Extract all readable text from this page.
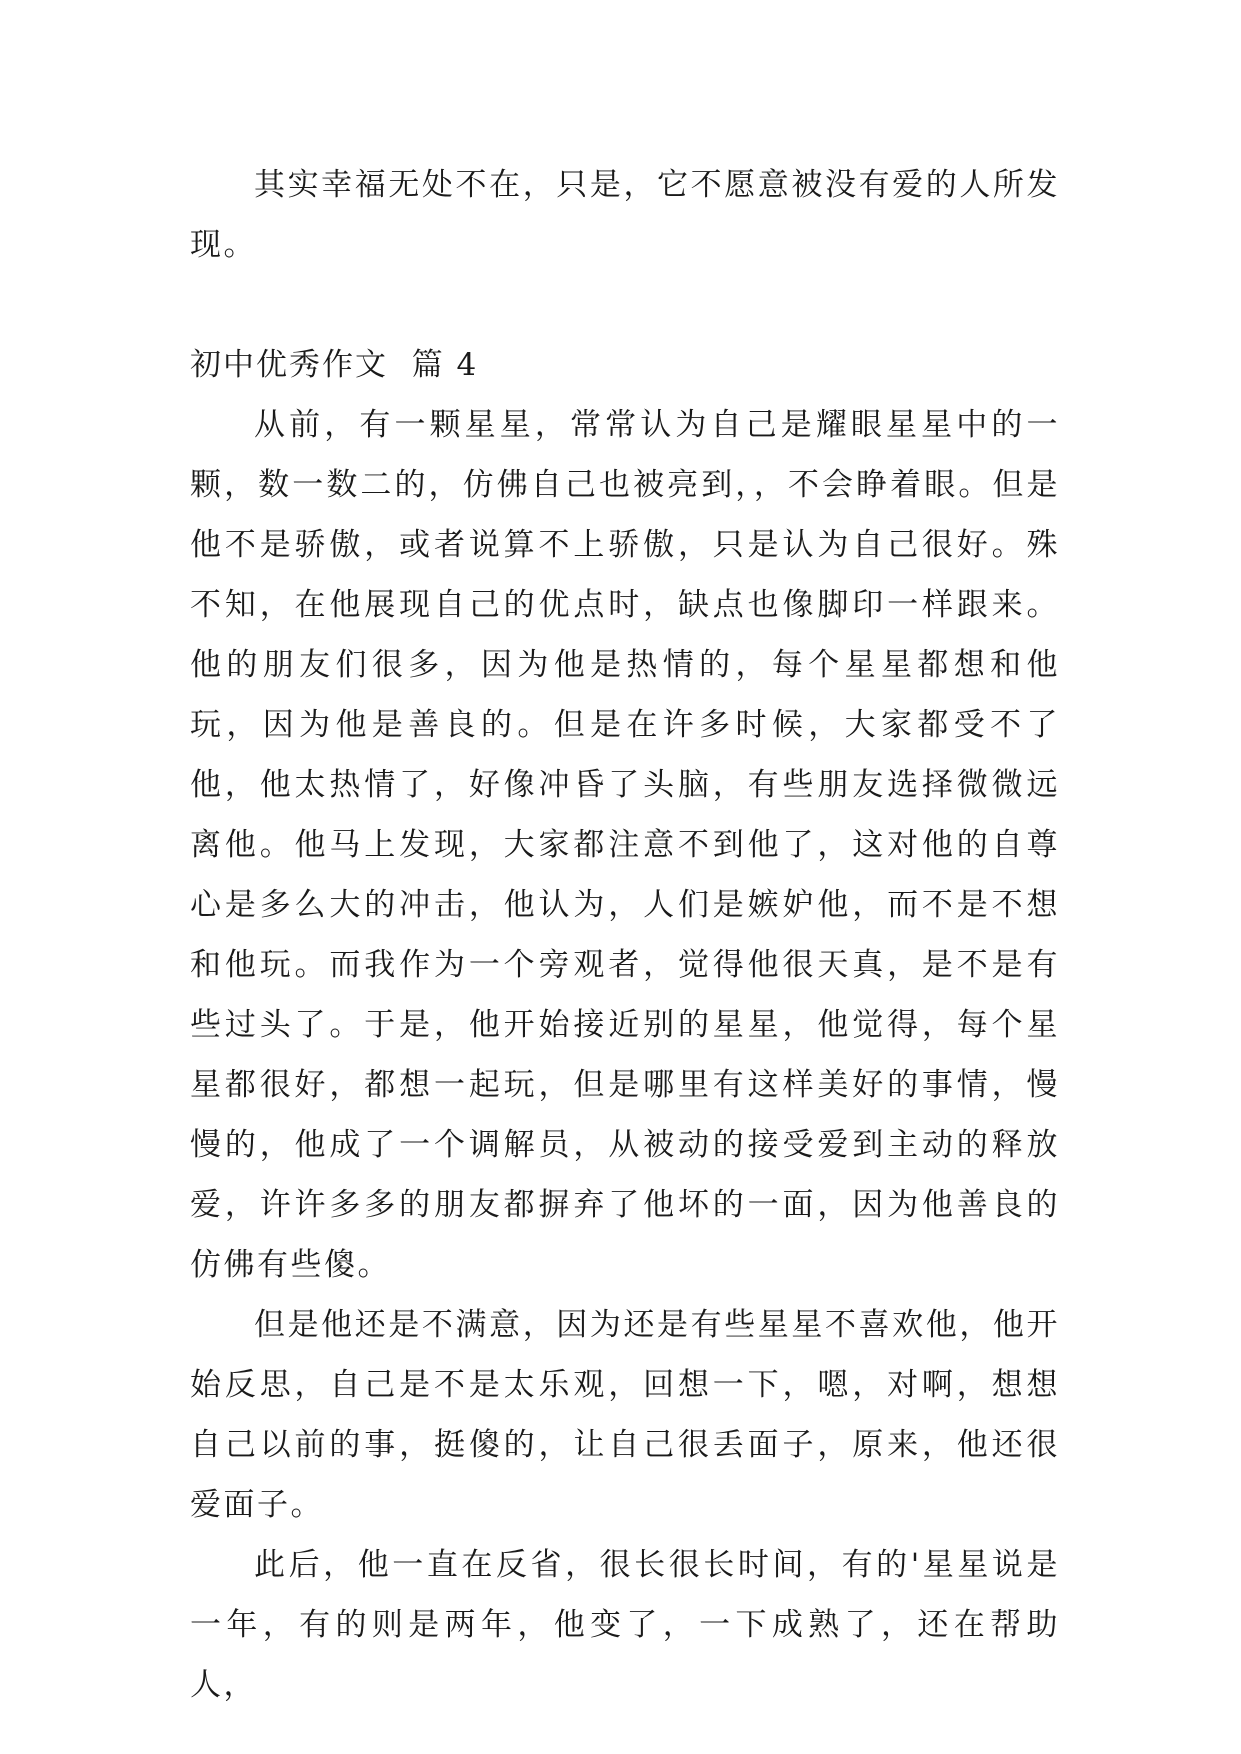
其实幸福无处不在，只是，它不愿意被没有爱的人所发现。

初中优秀作文  篇 4

从前，有一颗星星，常常认为自己是耀眼星星中的一颗，数一数二的，仿佛自己也被亮到，，不会睁着眼。但是他不是骄傲，或者说算不上骄傲，只是认为自己很好。殊不知，在他展现自己的优点时，缺点也像脚印一样跟来。他的朋友们很多，因为他是热情的，每个星星都想和他玩，因为他是善良的。但是在许多时候，大家都受不了他，他太热情了，好像冲昏了头脑，有些朋友选择微微远离他。他马上发现，大家都注意不到他了，这对他的自尊心是多么大的冲击，他认为，人们是嫉妒他，而不是不想和他玩。而我作为一个旁观者，觉得他很天真，是不是有些过头了。于是，他开始接近别的星星，他觉得，每个星星都很好，都想一起玩，但是哪里有这样美好的事情，慢慢的，他成了一个调解员，从被动的接受爱到主动的释放爱，许许多多的朋友都摒弃了他坏的一面，因为他善良的仿佛有些傻。

但是他还是不满意，因为还是有些星星不喜欢他，他开始反思，自己是不是太乐观，回想一下，嗯，对啊，想想自己以前的事，挺傻的，让自己很丢面子，原来，他还很爱面子。

此后，他一直在反省，很长很长时间，有的'星星说是一年，有的则是两年，他变了，一下成熟了，还在帮助人，
